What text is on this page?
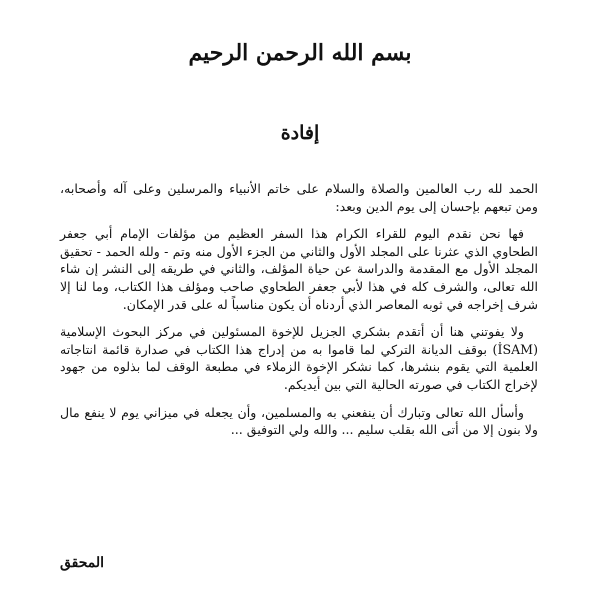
بسم الله الرحمن الرحيم
إفادة

الحمد لله رب العالمين والصلاة والسلام على خاتم الأنبياء والمرسلين وعلى آله وأصحابه، ومن تبعهم بإحسان إلى يوم الدين وبعد:

فها نحن نقدم اليوم للقراء الكرام هذا السفر العظيم من مؤلفات الإمام أبي جعفر الطحاوي الذي عثرنا على المجلد الأول والثاني من الجزء الأول منه وتم - ولله الحمد - تحقيق المجلد الأول مع المقدمة والدراسة عن حياة المؤلف، والثاني في طريقه إلى النشر إن شاء الله تعالى، والشرف كله في هذا لأبي جعفر الطحاوي صاحب ومؤلف هذا الكتاب، وما لنا إلا شرف إخراجه في ثوبه المعاصر الذي أردناه أن يكون مناسباً له على قدر الإمكان.

ولا يفوتني هنا أن أتقدم بشكري الجزيل للإخوة المسئولين في مركز البحوث الإسلامية (İSAM) بوقف الديانة التركي لما قاموا به من إدراج هذا الكتاب في صدارة قائمة انتاجاته العلمية التي يقوم بنشرها، كما نشكر الإخوة الزملاء في مطبعة الوقف لما بذلوه من جهود لإخراج الكتاب في صورته الحالية التي بين أيديكم.

وأسأل الله تعالى وتبارك أن ينفعني به والمسلمين، وأن يجعله في ميزاني يوم لا ينفع مال ولا بنون إلا من أتى الله بقلب سليم ... والله ولي التوفيق ...

المحقق
